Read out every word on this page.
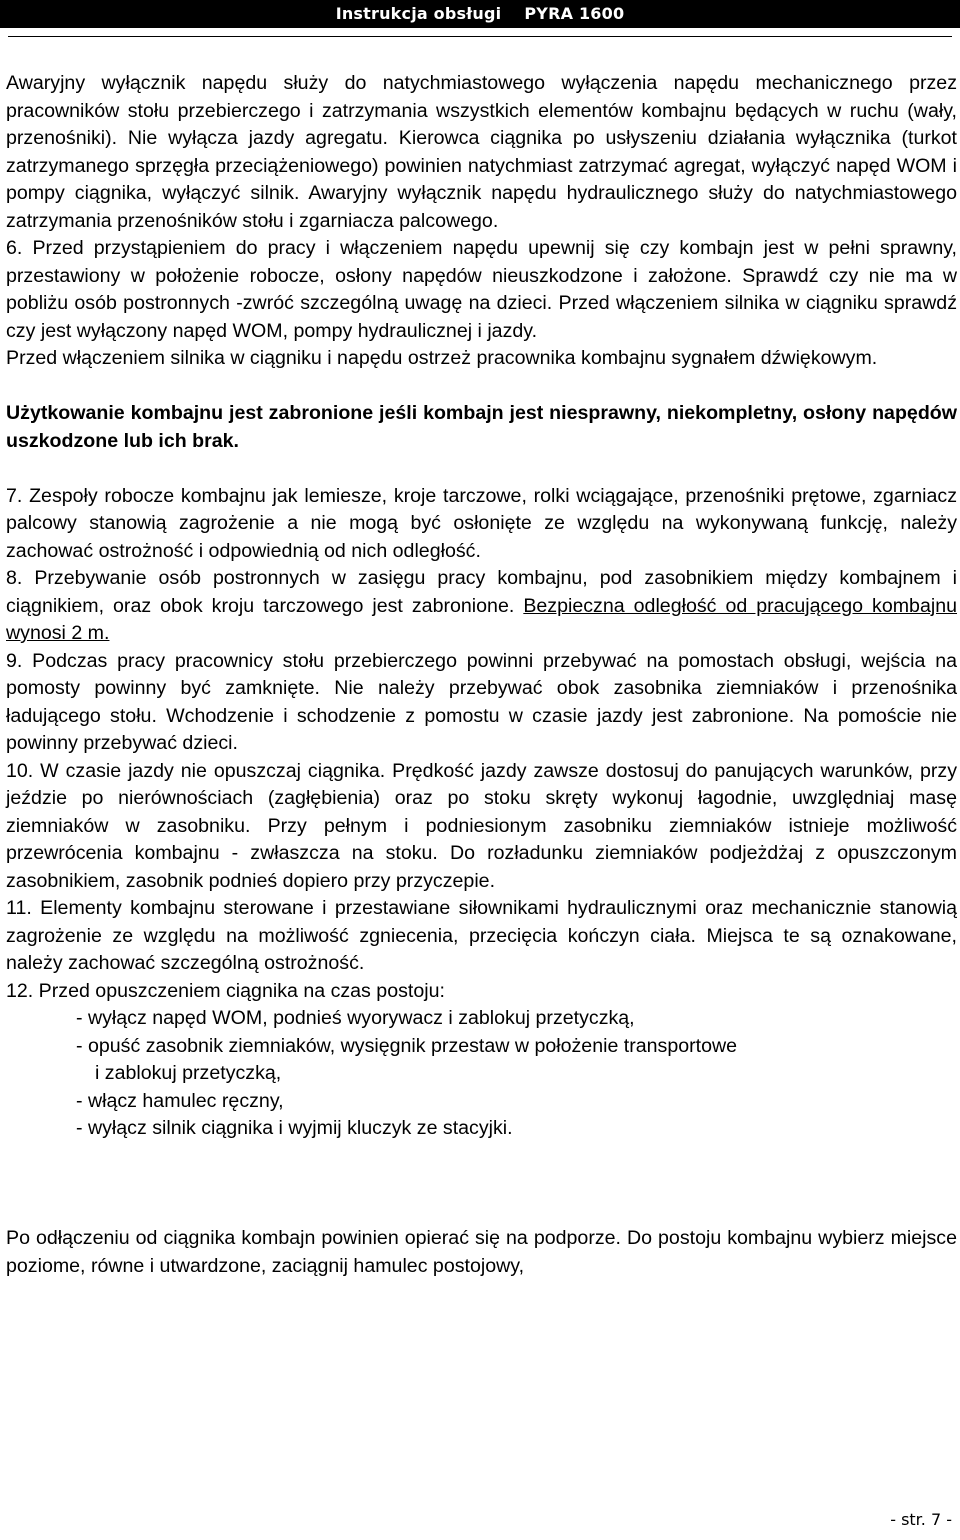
Instrukcja obsługi    PYRA 1600

Awaryjny wyłącznik napędu służy do natychmiastowego wyłączenia napędu mechanicznego przez pracowników stołu przebierczego i zatrzymania wszystkich elementów kombajnu będących w ruchu (wały, przenośniki). Nie wyłącza jazdy agregatu. Kierowca ciągnika po usłyszeniu działania wyłącznika (turkot zatrzymanego sprzęgła przeciążeniowego) powinien natychmiast zatrzymać agregat, wyłączyć napęd WOM i pompy ciągnika, wyłączyć silnik. Awaryjny wyłącznik napędu hydraulicznego służy do natychmiastowego zatrzymania przenośników stołu i zgarniacza palcowego.

6. Przed przystąpieniem do pracy i włączeniem napędu upewnij się czy kombajn jest w pełni sprawny, przestawiony w położenie robocze, osłony napędów nieuszkodzone i założone. Sprawdź czy nie ma w pobliżu osób postronnych -zwróć szczególną uwagę na dzieci. Przed włączeniem silnika w ciągniku sprawdź czy jest wyłączony napęd WOM, pompy hydraulicznej i jazdy.

Przed włączeniem silnika w ciągniku i napędu ostrzeż pracownika kombajnu sygnałem dźwiękowym.

Użytkowanie kombajnu jest zabronione jeśli kombajn jest niesprawny, niekompletny, osłony napędów uszkodzone lub ich brak.

7. Zespoły robocze kombajnu jak lemiesze, kroje tarczowe, rolki wciągające, przenośniki prętowe, zgarniacz palcowy stanowią zagrożenie a nie mogą być osłonięte ze względu na wykonywaną funkcję, należy zachować ostrożność i odpowiednią od nich odległość.

8. Przebywanie osób postronnych w zasięgu pracy kombajnu, pod zasobnikiem między kombajnem i ciągnikiem, oraz obok kroju tarczowego jest zabronione. Bezpieczna odległość od pracującego kombajnu wynosi 2 m.

9. Podczas pracy pracownicy stołu przebierczego powinni przebywać na pomostach obsługi, wejścia na pomosty powinny być zamknięte. Nie należy przebywać obok zasobnika ziemniaków i przenośnika ładującego stołu. Wchodzenie i schodzenie z pomostu w czasie jazdy jest zabronione. Na pomoście nie powinny przebywać dzieci.

10. W czasie jazdy nie opuszczaj ciągnika. Prędkość jazdy zawsze dostosuj do panujących warunków, przy jeździe po nierównościach (zagłębienia) oraz po stoku skręty wykonuj łagodnie, uwzględniaj masę ziemniaków w zasobniku. Przy pełnym i podniesionym zasobniku ziemniaków istnieje możliwość przewrócenia kombajnu - zwłaszcza na stoku. Do rozładunku ziemniaków podjeżdżaj z opuszczonym zasobnikiem, zasobnik podnieś dopiero przy przyczepie.

11. Elementy kombajnu sterowane i przestawiane siłownikami hydraulicznymi oraz mechanicznie stanowią zagrożenie ze względu na możliwość zgniecenia, przecięcia kończyn ciała. Miejsca te są oznakowane, należy zachować szczególną ostrożność.

12. Przed opuszczeniem ciągnika na czas postoju:

- wyłącz napęd WOM, podnieś wyorywacz i zablokuj przetyczką,

- opuść zasobnik ziemniaków, wysięgnik przestaw w położenie transportowe

i zablokuj przetyczką,

- włącz hamulec ręczny,

- wyłącz silnik ciągnika i wyjmij kluczyk ze stacyjki.

Po odłączeniu od ciągnika kombajn powinien opierać się na podporze. Do postoju kombajnu wybierz miejsce poziome, równe i utwardzone, zaciągnij hamulec postojowy,

- str. 7 -
